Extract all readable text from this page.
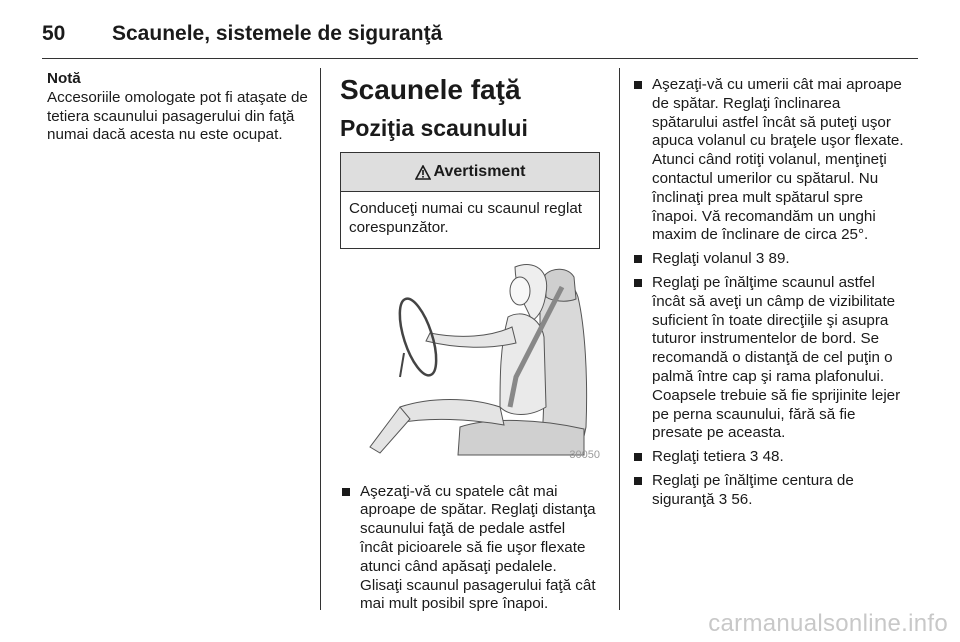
50	Scaunele, sistemele de siguranţă
Notă
Accesoriile omologate pot fi ataşate de tetiera scaunului pasagerului din faţă numai dacă acesta nu este ocupat.
Scaunele faţă
Poziţia scaunului
Avertisment
Conduceţi numai cu scaunul reglat corespunzător.
30050
Aşezaţi-vă cu spatele cât mai aproape de spătar. Reglaţi distanţa scaunului faţă de pedale astfel încât picioarele să fie uşor flexate atunci când apăsaţi pedalele. Glisaţi scaunul pasagerului faţă cât mai mult posibil spre înapoi.
Aşezaţi-vă cu umerii cât mai aproape de spătar. Reglaţi înclinarea spătarului astfel încât să puteţi uşor apuca volanul cu braţele uşor flexate. Atunci când rotiţi volanul, menţineţi contactul umerilor cu spătarul. Nu înclinaţi prea mult spătarul spre înapoi. Vă recomandăm un unghi maxim de înclinare de circa 25°.
Reglaţi volanul 3 89.
Reglaţi pe înălţime scaunul astfel încât să aveţi un câmp de vizibilitate suficient în toate direcţiile şi asupra tuturor instrumentelor de bord. Se recomandă o distanţă de cel puţin o palmă între cap şi rama plafonului. Coapsele trebuie să fie sprijinite lejer pe perna scaunului, fără să fie presate pe aceasta.
Reglaţi tetiera 3 48.
Reglaţi pe înălţime centura de siguranţă 3 56.
carmanualsonline.info
